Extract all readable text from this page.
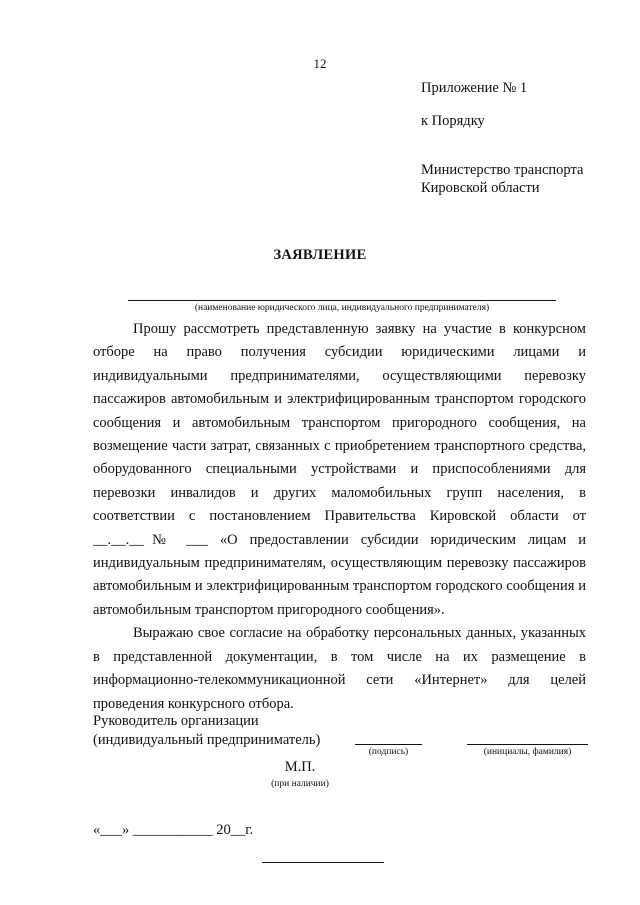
12
Приложение № 1
к Порядку
Министерство транспорта
Кировской области
ЗАЯВЛЕНИЕ
(наименование юридического лица, индивидуального предпринимателя)

Прошу рассмотреть представленную заявку на участие в конкурсном отборе на право получения субсидии юридическими лицами и индивидуальными предпринимателями, осуществляющими перевозку пассажиров автомобильным и электрифицированным транспортом городского сообщения и автомобильным транспортом пригородного сообщения, на возмещение части затрат, связанных с приобретением транспортного средства, оборудованного специальными устройствами и приспособлениями для перевозки инвалидов и других маломобильных групп населения, в соответствии с постановлением Правительства Кировской области от __.__.__№ ___ «О предоставлении субсидии юридическим лицам и индивидуальным предпринимателям, осуществляющим перевозку пассажиров автомобильным и электрифицированным транспортом городского сообщения и автомобильным транспортом пригородного сообщения».

Выражаю свое согласие на обработку персональных данных, указанных в представленной документации, в том числе на их размещение в информационно-телекоммуникационной сети «Интернет» для целей проведения конкурсного отбора.

Руководитель организации
(индивидуальный предприниматель)
(подпись)	(инициалы, фамилия)
М.П.
(при наличии)
«___» ___________ 20__г.
